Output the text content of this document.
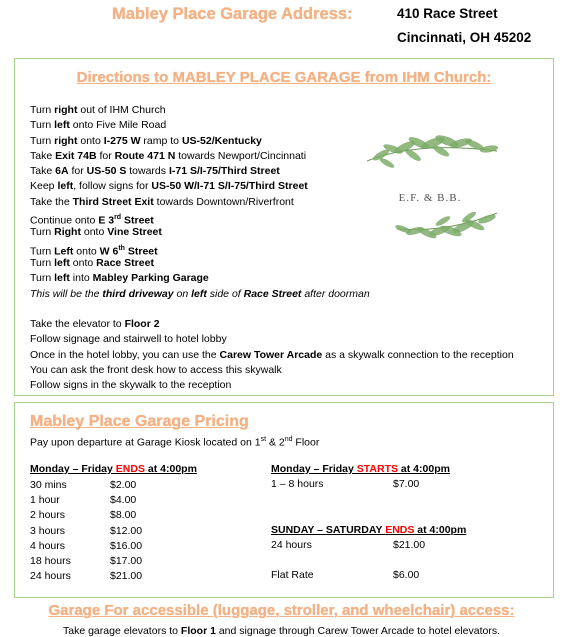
Mabley Place Garage Address:	410 Race Street
Cincinnati, OH 45202
Directions to MABLEY PLACE GARAGE from IHM Church:
Turn right out of IHM Church
Turn left onto Five Mile Road
Turn right onto I-275 W ramp to US-52/Kentucky
Take Exit 74B for Route 471 N towards Newport/Cincinnati
Take 6A for US-50 S towards I-71 S/I-75/Third Street
Keep left, follow signs for US-50 W/I-71 S/I-75/Third Street
Take the Third Street Exit towards Downtown/Riverfront
Continue onto E 3rd Street
Turn Right onto Vine Street
Turn Left onto W 6th Street
Turn left onto Race Street
Turn left into Mabley Parking Garage
This will be the third driveway on left side of Race Street after doorman
Take the elevator to Floor 2
Follow signage and stairwell to hotel lobby
Once in the hotel lobby, you can use the Carew Tower Arcade as a skywalk connection to the reception
You can ask the front desk how to access this skywalk
Follow signs in the skywalk to the reception
E.F. & B.B.
Mabley Place Garage Pricing
Pay upon departure at Garage Kiosk located on 1st & 2nd Floor
Monday – Friday ENDS at 4:00pm
30 mins	$2.00
1 hour	$4.00
2 hours	$8.00
3 hours	$12.00
4 hours	$16.00
18 hours	$17.00
24 hours	$21.00
Monday – Friday STARTS at 4:00pm
1 – 8 hours	$7.00
SUNDAY – SATURDAY ENDS at 4:00pm
24 hours	$21.00
Flat Rate	$6.00
Garage For accessible (luggage, stroller, and wheelchair) access:
Take garage elevators to Floor 1 and signage through Carew Tower Arcade to hotel elevators.
